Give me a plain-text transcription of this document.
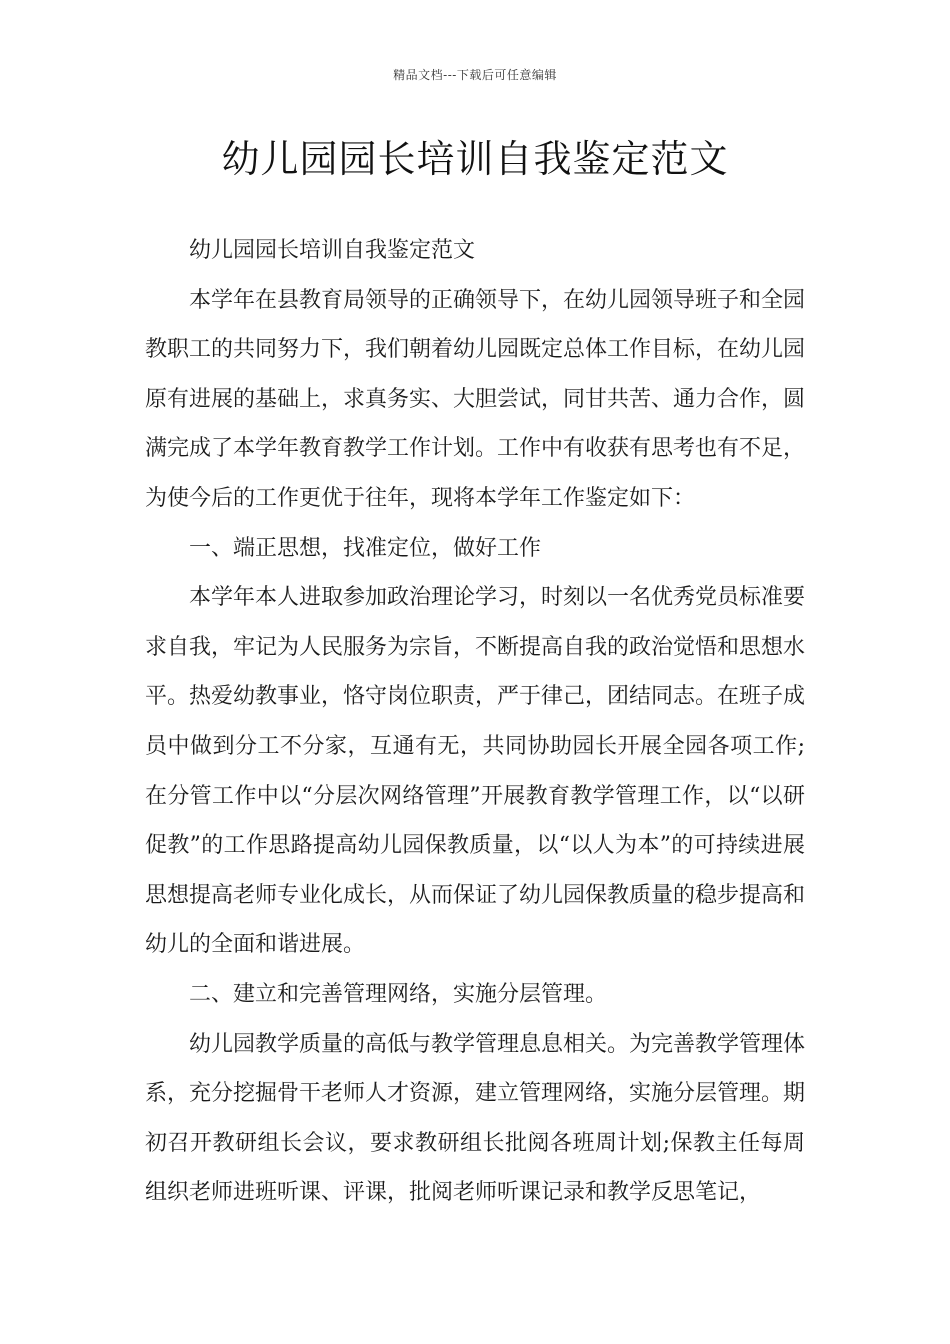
精品文档---下载后可任意编辑
幼儿园园长培训自我鉴定范文

幼儿园园长培训自我鉴定范文

本学年在县教育局领导的正确领导下，在幼儿园领导班子和全园教职工的共同努力下，我们朝着幼儿园既定总体工作目标，在幼儿园原有进展的基础上，求真务实、大胆尝试，同甘共苦、通力合作，圆满完成了本学年教育教学工作计划。工作中有收获有思考也有不足，为使今后的工作更优于往年，现将本学年工作鉴定如下：

一、端正思想，找准定位，做好工作

本学年本人进取参加政治理论学习，时刻以一名优秀党员标准要求自我，牢记为人民服务为宗旨，不断提高自我的政治觉悟和思想水平。热爱幼教事业，恪守岗位职责，严于律己，团结同志。在班子成员中做到分工不分家，互通有无，共同协助园长开展全园各项工作;在分管工作中以“分层次网络管理”开展教育教学管理工作，以“以研促教”的工作思路提高幼儿园保教质量，以“以人为本”的可持续进展思想提高老师专业化成长，从而保证了幼儿园保教质量的稳步提高和幼儿的全面和谐进展。

二、建立和完善管理网络，实施分层管理。

幼儿园教学质量的高低与教学管理息息相关。为完善教学管理体系，充分挖掘骨干老师人才资源，建立管理网络，实施分层管理。期初召开教研组长会议，要求教研组长批阅各班周计划;保教主任每周组织老师进班听课、评课，批阅老师听课记录和教学反思笔记，
